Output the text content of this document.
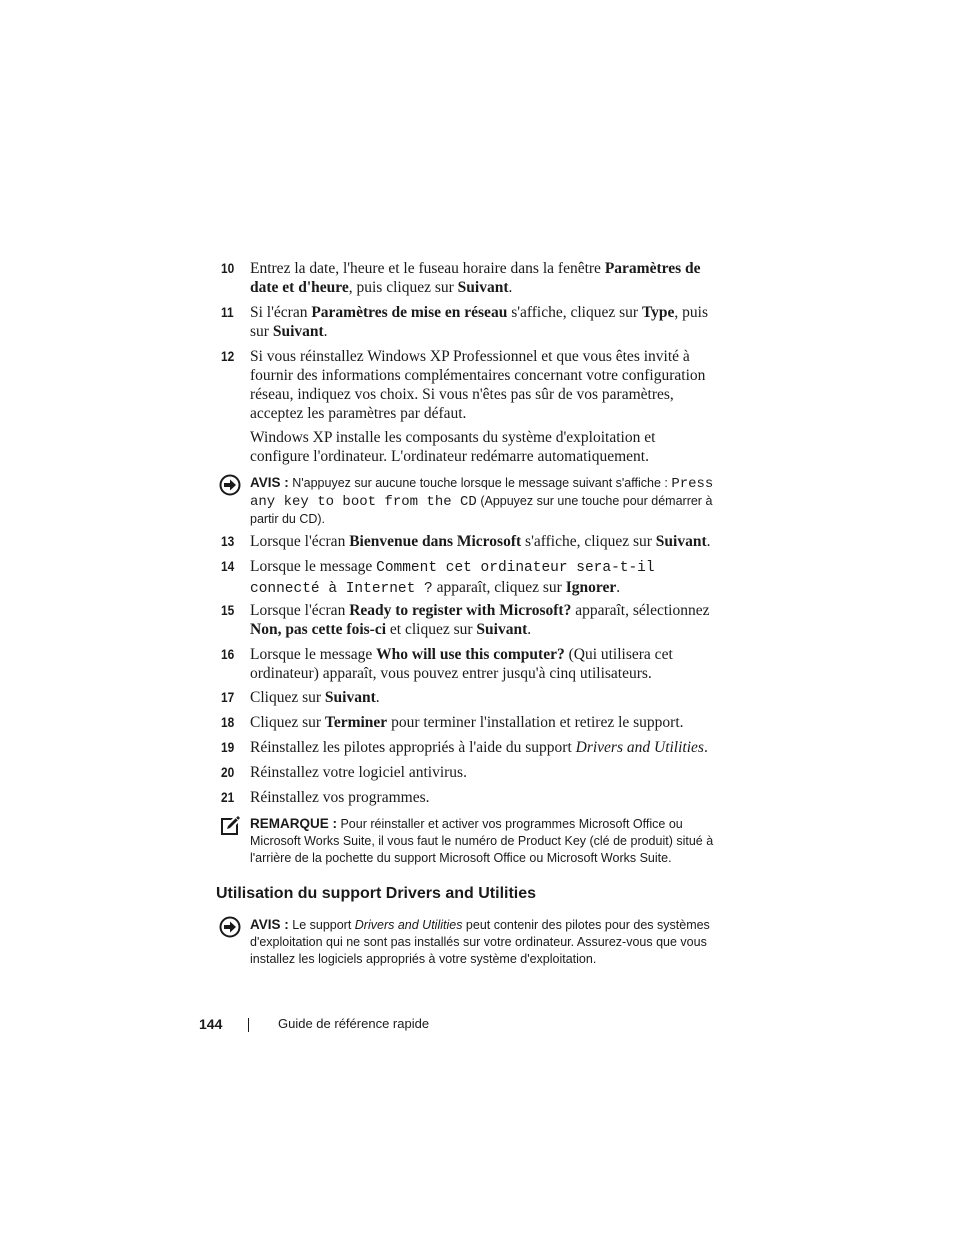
10 Entrez la date, l'heure et le fuseau horaire dans la fenêtre Paramètres de date et d'heure, puis cliquez sur Suivant.
11 Si l'écran Paramètres de mise en réseau s'affiche, cliquez sur Type, puis sur Suivant.
12 Si vous réinstallez Windows XP Professionnel et que vous êtes invité à fournir des informations complémentaires concernant votre configuration réseau, indiquez vos choix. Si vous n'êtes pas sûr de vos paramètres, acceptez les paramètres par défaut.
Windows XP installe les composants du système d'exploitation et configure l'ordinateur. L'ordinateur redémarre automatiquement.
AVIS : N'appuyez sur aucune touche lorsque le message suivant s'affiche : Press any key to boot from the CD (Appuyez sur une touche pour démarrer à partir du CD).
13 Lorsque l'écran Bienvenue dans Microsoft s'affiche, cliquez sur Suivant.
14 Lorsque le message Comment cet ordinateur sera-t-il connecté à Internet ? apparaît, cliquez sur Ignorer.
15 Lorsque l'écran Ready to register with Microsoft? apparaît, sélectionnez Non, pas cette fois-ci et cliquez sur Suivant.
16 Lorsque le message Who will use this computer? (Qui utilisera cet ordinateur) apparaît, vous pouvez entrer jusqu'à cinq utilisateurs.
17 Cliquez sur Suivant.
18 Cliquez sur Terminer pour terminer l'installation et retirez le support.
19 Réinstallez les pilotes appropriés à l'aide du support Drivers and Utilities.
20 Réinstallez votre logiciel antivirus.
21 Réinstallez vos programmes.
REMARQUE : Pour réinstaller et activer vos programmes Microsoft Office ou Microsoft Works Suite, il vous faut le numéro de Product Key (clé de produit) situé à l'arrière de la pochette du support Microsoft Office ou Microsoft Works Suite.
Utilisation du support Drivers and Utilities
AVIS : Le support Drivers and Utilities peut contenir des pilotes pour des systèmes d'exploitation qui ne sont pas installés sur votre ordinateur. Assurez-vous que vous installez les logiciels appropriés à votre système d'exploitation.
144	Guide de référence rapide
